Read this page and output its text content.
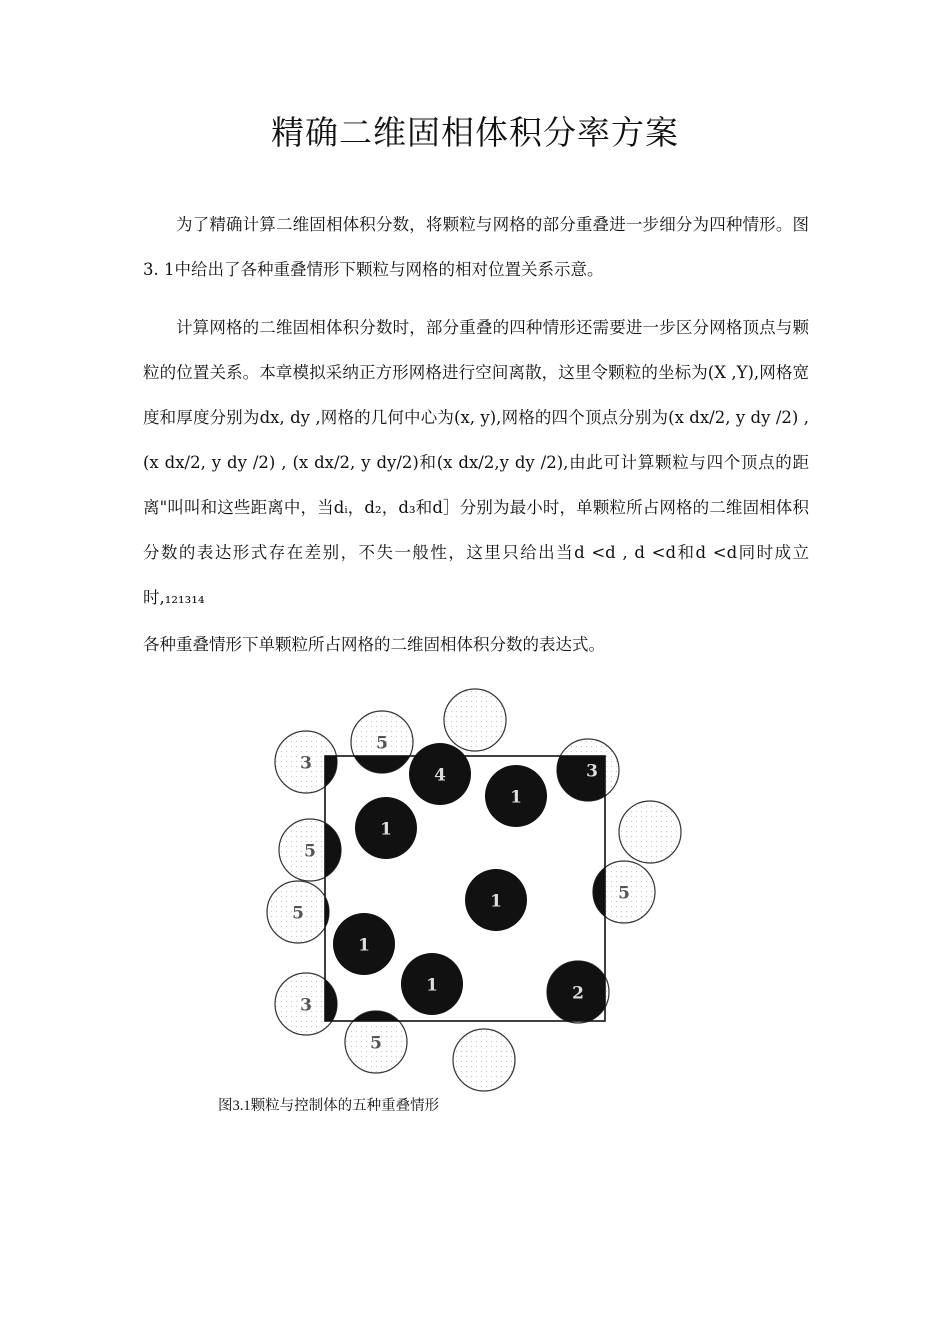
精确二维固相体积分率方案

为了精确计算二维固相体积分数，将颗粒与网格的部分重叠进一步细分为四种情形。图3. 1中给出了各种重叠情形下颗粒与网格的相对位置关系示意。

计算网格的二维固相体积分数时，部分重叠的四种情形还需要进一步区分网格顶点与颗粒的位置关系。本章模拟采纳正方形网格进行空间离散，这里令颗粒的坐标为(X ,Y),网格宽度和厚度分别为dx, dy ,网格的几何中心为(x, y),网格的四个顶点分别为(x dx/2, y dy /2) , (x dx/2, y dy /2) , (x dx/2, y dy/2)和(x dx/2,y dy /2),由此可计算颗粒与四个顶点的距离"叫叫和这些距离中，当dᵢ，d₂，d₃和d］分别为最小时，单颗粒所占网格的二维固相体积分数的表达形式存在差别，不失一般性，这里只给出当d <d , d <d和d <d同时成立时,₁₂₁₃₁₄

各种重叠情形下单颗粒所占网格的二维固相体积分数的表达式。

3
5
4	3
1
1
5
1
5
5
1
1
3
2
5
图3.1颗粒与控制体的五种重叠情形
